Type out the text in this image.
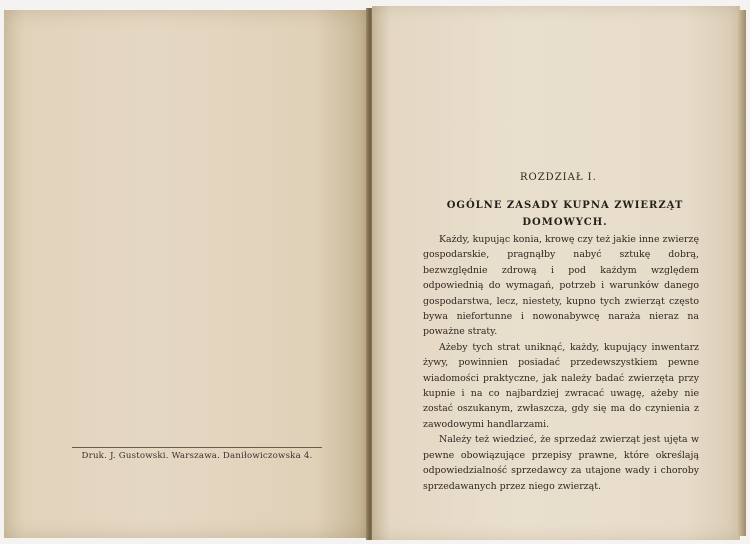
Druk. J. Gustowski. Warszawa. Daniłowiczowska 4.
ROZDZIAŁ I.
OGÓLNE ZASADY KUPNA ZWIERZĄT DOMOWYCH.

Każdy, kupując konia, krowę czy też jakie inne zwierzę gospodarskie, pragnąłby nabyć sztukę dobrą, bezwzględnie zdrową i pod każdym względem odpowiednią do wymagań, potrzeb i warunków danego gospodarstwa, lecz, niestety, kupno tych zwierząt często bywa niefortunne i nowonabywcę naraża nieraz na poważne straty.

Ażeby tych strat uniknąć, każdy, kupujący inwentarz żywy, powinnien posiadać przedewszystkiem pewne wiadomości praktyczne, jak należy badać zwierzęta przy kupnie i na co najbardziej zwracać uwagę, ażeby nie zostać oszukanym, zwłaszcza, gdy się ma do czynienia z zawodowymi handlarzami.

Należy też wiedzieć, że sprzedaż zwierząt jest ujęta w pewne obowiązujące przepisy prawne, które określają odpowiedzialność sprzedawcy za utajone wady i choroby sprzedawanych przez niego zwierząt.
